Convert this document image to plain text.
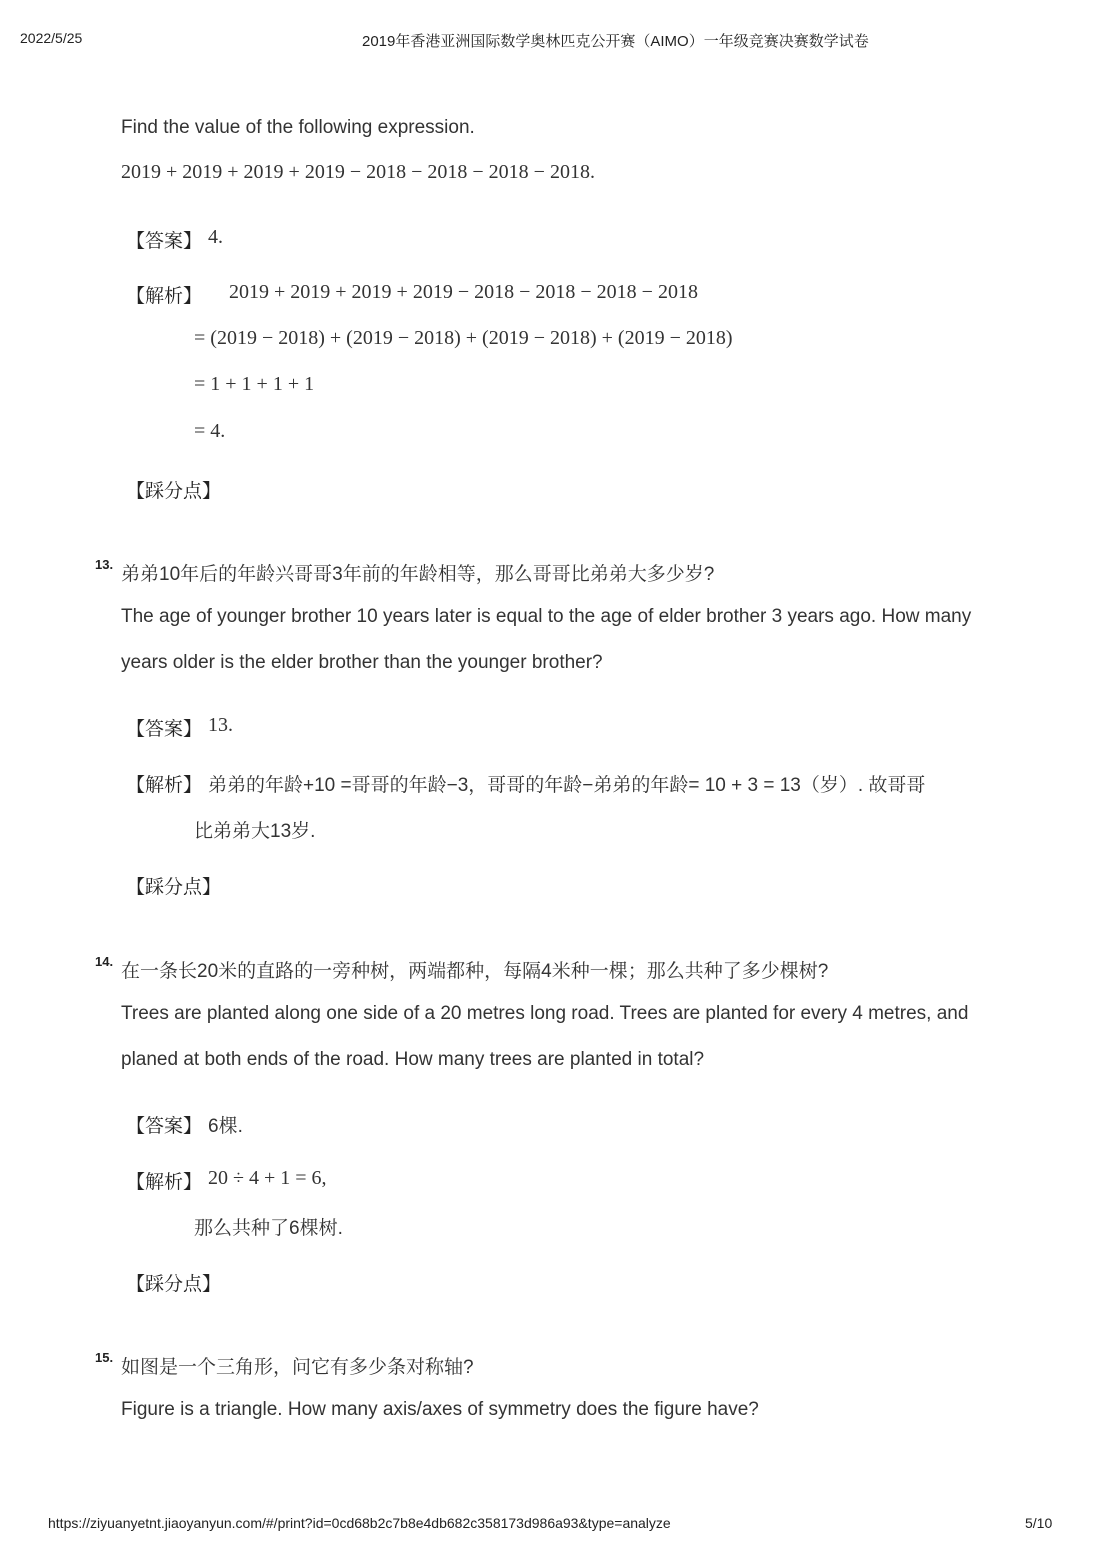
2022/5/25	2019年香港亚洲国际数学奥林匹克公开赛（AIMO）一年级竞赛决赛数学试卷
Find the value of the following expression.
2019 + 2019 + 2019 + 2019 − 2018 − 2018 − 2018 − 2018.
【答案】 4.
【解析】 2019 + 2019 + 2019 + 2019 − 2018 − 2018 − 2018 − 2018
= (2019 − 2018) + (2019 − 2018) + (2019 − 2018) + (2019 − 2018)
= 1 + 1 + 1 + 1
= 4.
【踩分点】
13. 弟弟10年后的年龄兴哥哥3年前的年龄相等，那么哥哥比弟弟大多少岁?
The age of younger brother 10 years later is equal to the age of elder brother 3 years ago. How many
years older is the elder brother than the younger brother?
【答案】 13.
【解析】 弟弟的年龄+10 =哥哥的年龄−3，哥哥的年龄−弟弟的年龄= 10 + 3 = 13（岁）. 故哥哥
比弟弟大13岁.
【踩分点】
14. 在一条长20米的直路的一旁种树，两端都种，每隔4米种一棵；那么共种了多少棵树?
Trees are planted along one side of a 20 metres long road. Trees are planted for every 4 metres, and
planed at both ends of the road. How many trees are planted in total?
【答案】 6棵.
【解析】 20 ÷ 4 + 1 = 6,
那么共种了6棵树.
【踩分点】
15. 如图是一个三角形，问它有多少条对称轴?
Figure is a triangle. How many axis/axes of symmetry does the figure have?
https://ziyuanyetnt.jiaoyanyun.com/#/print?id=0cd68b2c7b8e4db682c358173d986a93&type=analyze	5/10
